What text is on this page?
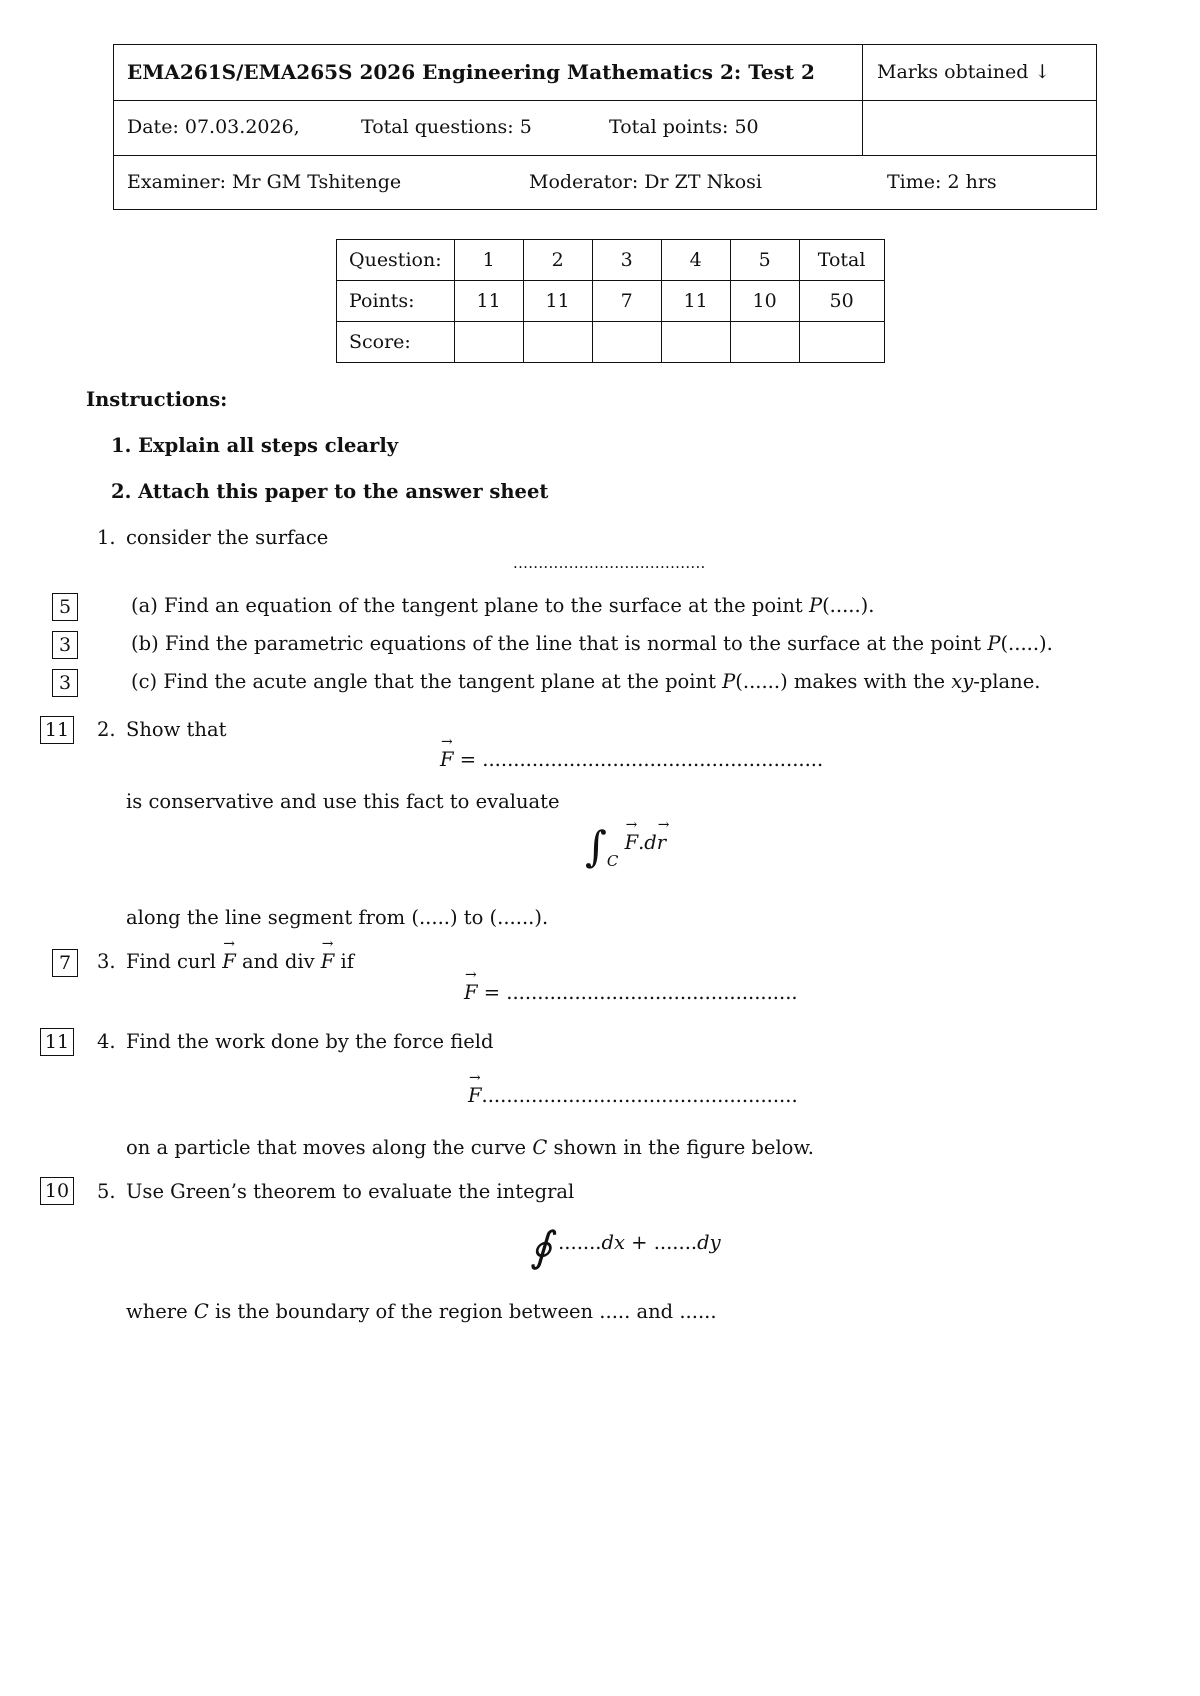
EMA261S/EMA265S 2026 Engineering Mathematics 2: Test 2	Marks obtained ↓
Date: 07.03.2026,	Total questions: 5	Total points: 50
Examiner: Mr GM Tshitenge	Moderator: Dr ZT Nkosi	Time: 2 hrs
Question:	1	2	3	4	5	Total
Points:	11	11	7	11	10	50
Score:						
Instructions:
1. Explain all steps clearly
2. Attach this paper to the answer sheet
1. consider the surface
......................................
5	(a) Find an equation of the tangent plane to the surface at the point P(.....).
3	(b) Find the parametric equations of the line that is normal to the surface at the point P(.....).
3	(c) Find the acute angle that the tangent plane at the point P(......) makes with the xy-plane.
11 2. Show that
→ F = .......................................................
is conservative and use this fact to evaluate
$\int_C \to F.d\to r$
along the line segment from (.....) to (......).
7	3. Find curl → F and div → F if
→ F = ...............................................
11 4. Find the work done by the force field
→ F...................................................
on a particle that moves along the curve C shown in the figure below.
10 5. Use Green’s theorem to evaluate the integral
∮ .......dx + .......dy
where C is the boundary of the region between ..... and ......
